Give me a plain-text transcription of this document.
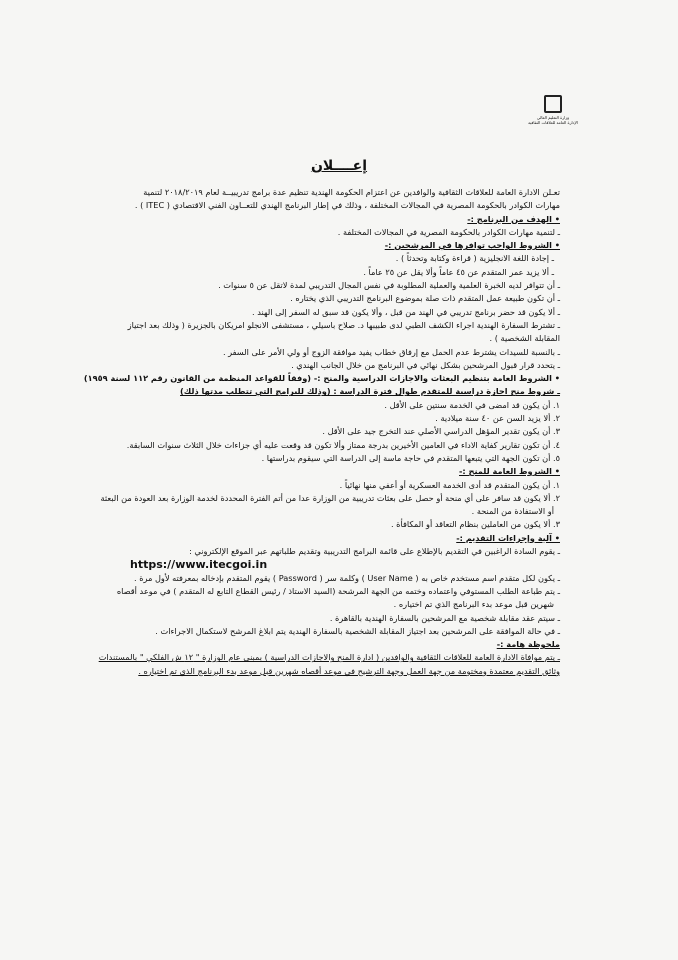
وزارة التعليم العالي
الإدارة العامة للعلاقات الثقافية
إعــــلان
تعـلن الادارة العامة للعلاقات الثقافية والوافدين عن اعتزام الحكومة الهندية تنظيم عدة برامج تدريبيــة لعام ٢٠١٨/٢٠١٩ لتنمية
مهارات الكوادر بالحكومة المصرية في المجالات المختلفة ، وذلك في إطار البرنامج الهندي للتعــاون الفني الاقتصادي ( ITEC ) .
• الهدف من البرنامج :-
ـ لتنمية مهارات الكوادر بالحكومة المصرية في المجالات المختلفة .
• الشروط الواجب توافرها في المرشحين :-
ـ إجادة اللغة الانجليزية ( قراءة وكتابة وتحدثاً ) .
ـ ألا يزيد عمر المتقدم عن ٤٥ عاماً وألا يقل عن ٢٥ عاماً .
ـ أن تتوافر لديه الخبرة العلمية والعملية المطلوبة في نفس المجال التدريبي لمدة لاتقل عن ٥ سنوات .
ـ أن تكون طبيعة عمل المتقدم ذات صلة بموضوع البرنامج التدريبي الذي يختاره .
ـ ألا يكون قد حضر برنامج تدريبي في الهند من قبل ، وألا يكون قد سبق له السفر إلى الهند .
ـ تشترط السفارة الهندية اجراء الكشف الطبي لدى طبيبها د. صلاح باسيلي ، مستشفى الانجلو امريكان بالجزيرة ( وذلك بعد اجتياز
المقابلة الشخصية ) .
ـ بالنسبة للسيدات يشترط عدم الحمل مع إرفاق خطاب يفيد موافقة الزوج أو ولي الأمر على السفر .
ـ يتحدد قرار قبول المرشحين بشكل نهائي في البرنامج من خلال الجانب الهندي .
• الشروط العامة بتنظيم البعثات والاجازات الدراسية والمنح :- (وفقاً للقواعد المنظمة من القانون رقم ١١٢ لسنة ١٩٥٩)
ـ شروط منح اجازة دراسية للمتقدم طوال فترة الدراسة : (وذلك للبرامج التي تتطلب مدتها ذلك)
١. أن يكون قد امضى في الخدمة سنتين على الأقل .
٢. ألا يزيد السن عن ٤٠ سنة ميلادية .
٣. أن يكون تقدير المؤهل الدراسي الأصلي عند التخرج جيد على الأقل .
٤. أن تكون تقارير كفاية الاداء في العامين الأخيرين بدرجة ممتاز وألا تكون قد وقعت عليه أي جزاءات خلال الثلاث سنوات السابقة.
٥. أن تكون الجهة التي يتبعها المتقدم في حاجة ماسة إلى الدراسة التي سيقوم بدراستها .
• الشروط العامة للمنح :-
١. أن يكون المتقدم قد أدى الخدمة العسكرية أو أعفي منها نهائياً .
٢. ألا يكون قد سافر على أي منحة أو حصل على بعثات تدريبية من الوزارة عدا من أتم الفترة المحددة لخدمة الوزارة بعد العودة من البعثة
أو الاستفادة من المنحة .
٣. ألا يكون من العاملين بنظام التعاقد أو المكافأة .
• آلية وإجراءات التقديم :-
ـ يقوم السادة الراغبين في التقديم بالإطلاع على قائمة البرامج التدريبية وتقديم طلباتهم عبر الموقع الإلكتروني :
https://www.itecgoi.in
ـ يكون لكل متقدم اسم مستخدم خاص به ( User Name ) وكلمة سر ( Password ) يقوم المتقدم بإدخاله بمعرفته لأول مرة .
ـ يتم طباعة الطلب المستوفي واعتماده وختمه من الجهة المرشحة (السيد الاستاذ / رئيس القطاع التابع له المتقدم ) في موعد أقصاه
شهرين قبل موعد بدء البرنامج الذي تم اختياره .
ـ سيتم عقد مقابلة شخصية مع المرشحين بالسفارة الهندية بالقاهرة .
ـ في حالة الموافقة على المرشحين بعد اجتياز المقابلة الشخصية بالسفارة الهندية يتم ابلاغ المرشح لاستكمال الاجراءات .
ملحوظة هامة :-
ـ يتم موافاة الادارة العامة للعلاقات الثقافية والوافدين ( ادارة المنح والاجازات الدراسية ) بمبنى عام الوزارة " ١٢ ش الفلكي " بالمستندات
وثائق التقديم معتمدة ومختومة من جهة العمل وجهة الترشيح في موعد أقصاه شهرين قبل موعد بدء البرنامج الذي تم اختياره .
